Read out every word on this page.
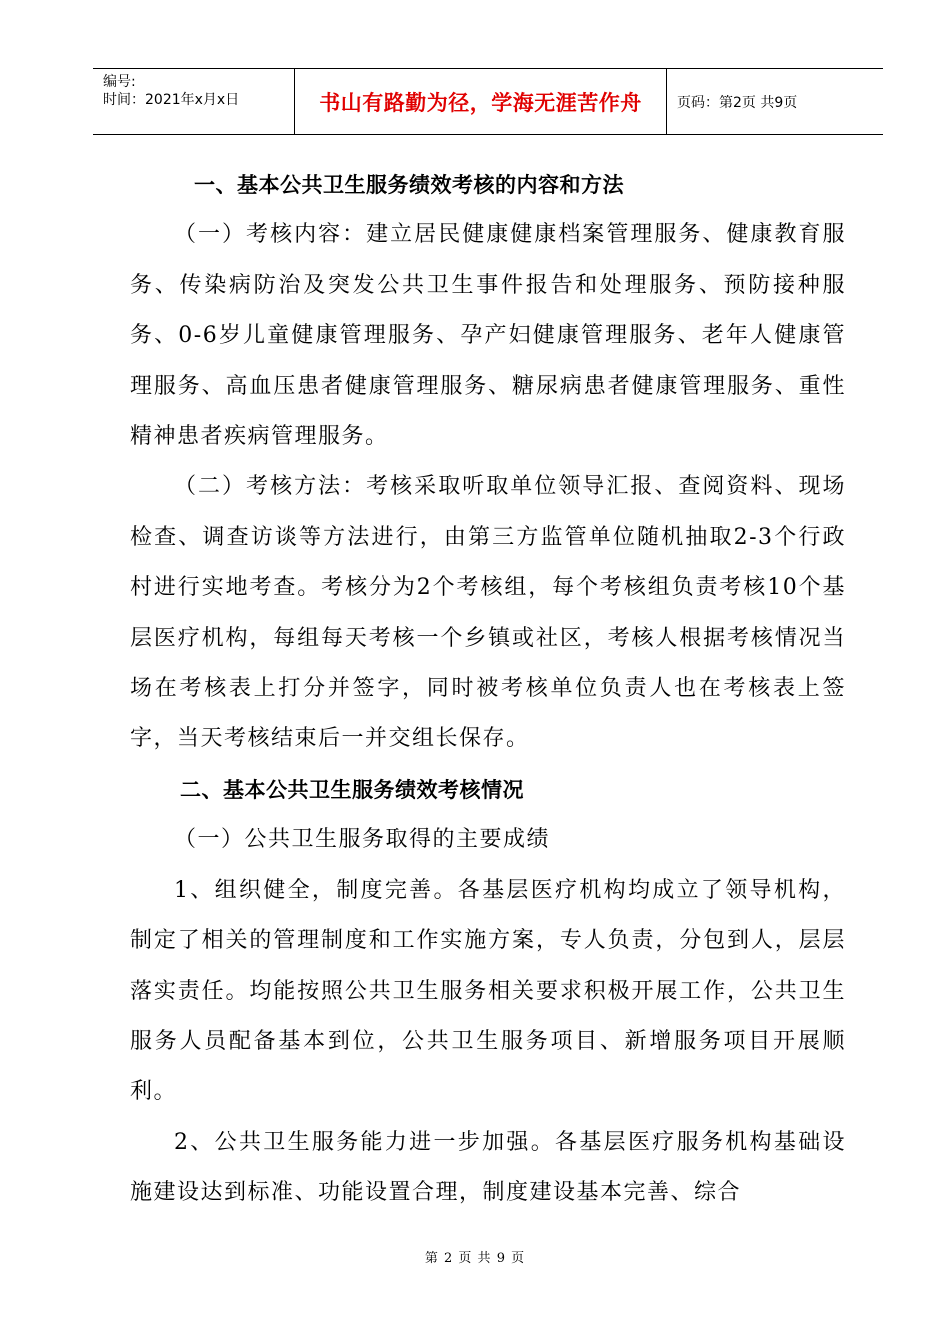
编号:
时间：2021年x月x日	书山有路勤为径，学海无涯苦作舟	页码：第2页 共9页

一、基本公共卫生服务绩效考核的内容和方法

（一）考核内容：建立居民健康健康档案管理服务、健康教育服务、传染病防治及突发公共卫生事件报告和处理服务、预防接种服务、0-6岁儿童健康管理服务、孕产妇健康管理服务、老年人健康管理服务、高血压患者健康管理服务、糖尿病患者健康管理服务、重性精神患者疾病管理服务。

（二）考核方法：考核采取听取单位领导汇报、查阅资料、现场检查、调查访谈等方法进行，由第三方监管单位随机抽取2-3个行政村进行实地考查。考核分为2个考核组，每个考核组负责考核10个基层医疗机构，每组每天考核一个乡镇或社区，考核人根据考核情况当场在考核表上打分并签字，同时被考核单位负责人也在考核表上签字，当天考核结束后一并交组长保存。

二、基本公共卫生服务绩效考核情况

（一）公共卫生服务取得的主要成绩

1、组织健全，制度完善。各基层医疗机构均成立了领导机构，制定了相关的管理制度和工作实施方案，专人负责，分包到人，层层落实责任。均能按照公共卫生服务相关要求积极开展工作，公共卫生服务人员配备基本到位，公共卫生服务项目、新增服务项目开展顺利。

2、公共卫生服务能力进一步加强。各基层医疗服务机构基础设施建设达到标准、功能设置合理，制度建设基本完善、综合

第 2 页 共 9 页
